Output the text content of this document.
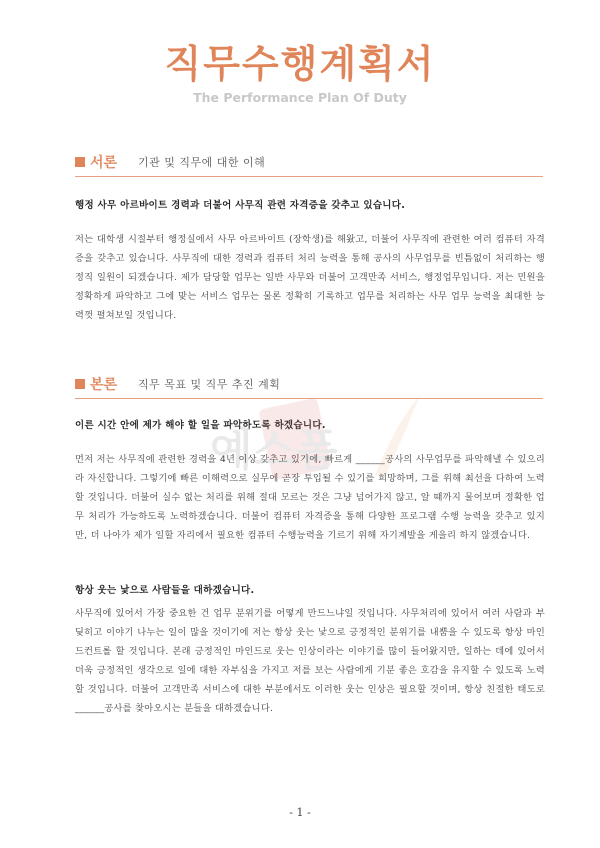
직무수행계획서
The Performance Plan Of Duty
서론 기관 및 직무에 대한 이해
행정 사무 아르바이트 경력과 더불어 사무직 관련 자격증을 갖추고 있습니다.
저는 대학생 시절부터 행정실에서 사무 아르바이트 (장학생)를 해왔고, 더불어 사무직에 관련한 여러 컴퓨터 자격증을 갖추고 있습니다. 사무직에 대한 경력과 컴퓨터 처리 능력을 통해 공사의 사무업무를 빈틈없이 처리하는 행정직 일원이 되겠습니다. 제가 담당할 업무는 일반 사무와 더불어 고객만족 서비스, 행정업무입니다. 저는 민원을 정확하게 파악하고 그에 맞는 서비스 업무는 물론 정확히 기록하고 업무를 처리하는 사무 업무 능력을 최대한 능력껏 펼쳐보일 것입니다.
본론 직무 목표 및 직무 추진 계획
이른 시간 안에 제가 해야 할 일을 파악하도록 하겠습니다.
먼저 저는 사무직에 관련한 경력을 4년 이상 갖추고 있기에, 빠르게 ______공사의 사무업무를 파악해낼 수 있으리라 자신합니다. 그렇기에 빠른 이해력으로 실무에 곧장 투입될 수 있기를 희망하며, 그를 위해 최선을 다하여 노력할 것입니다. 더불어 실수 없는 처리를 위해 절대 모르는 것은 그냥 넘어가지 않고, 알 때까지 물어보며 정확한 업무 처리가 가능하도록 노력하겠습니다. 더불어 컴퓨터 자격증을 통해 다양한 프로그램 수행 능력을 갖추고 있지만, 더 나아가 제가 일할 자리에서 필요한 컴퓨터 수행능력을 기르기 위해 자기계발을 게을리 하지 않겠습니다.
항상 웃는 낯으로 사람들을 대하겠습니다.
사무직에 있어서 가장 중요한 건 업무 분위기를 어떻게 만드느냐일 것입니다. 사무처리에 있어서 여러 사람과 부딪히고 이야기 나누는 일이 많을 것이기에 저는 항상 웃는 낯으로 긍정적인 분위기를 내뿜을 수 있도록 항상 마인드컨트롤 할 것입니다. 본래 긍정적인 마인드로 웃는 인상이라는 이야기를 많이 들어왔지만, 일하는 데에 있어서 더욱 긍정적인 생각으로 일에 대한 자부심을 가지고 저를 보는 사람에게 기분 좋은 호감을 유지할 수 있도록 노력할 것입니다. 더불어 고객만족 서비스에 대한 부분에서도 이러한 웃는 인상은 필요할 것이며, 항상 친절한 태도로 ______공사를 찾아오시는 분들을 대하겠습니다.
예스폼
- 1 -
